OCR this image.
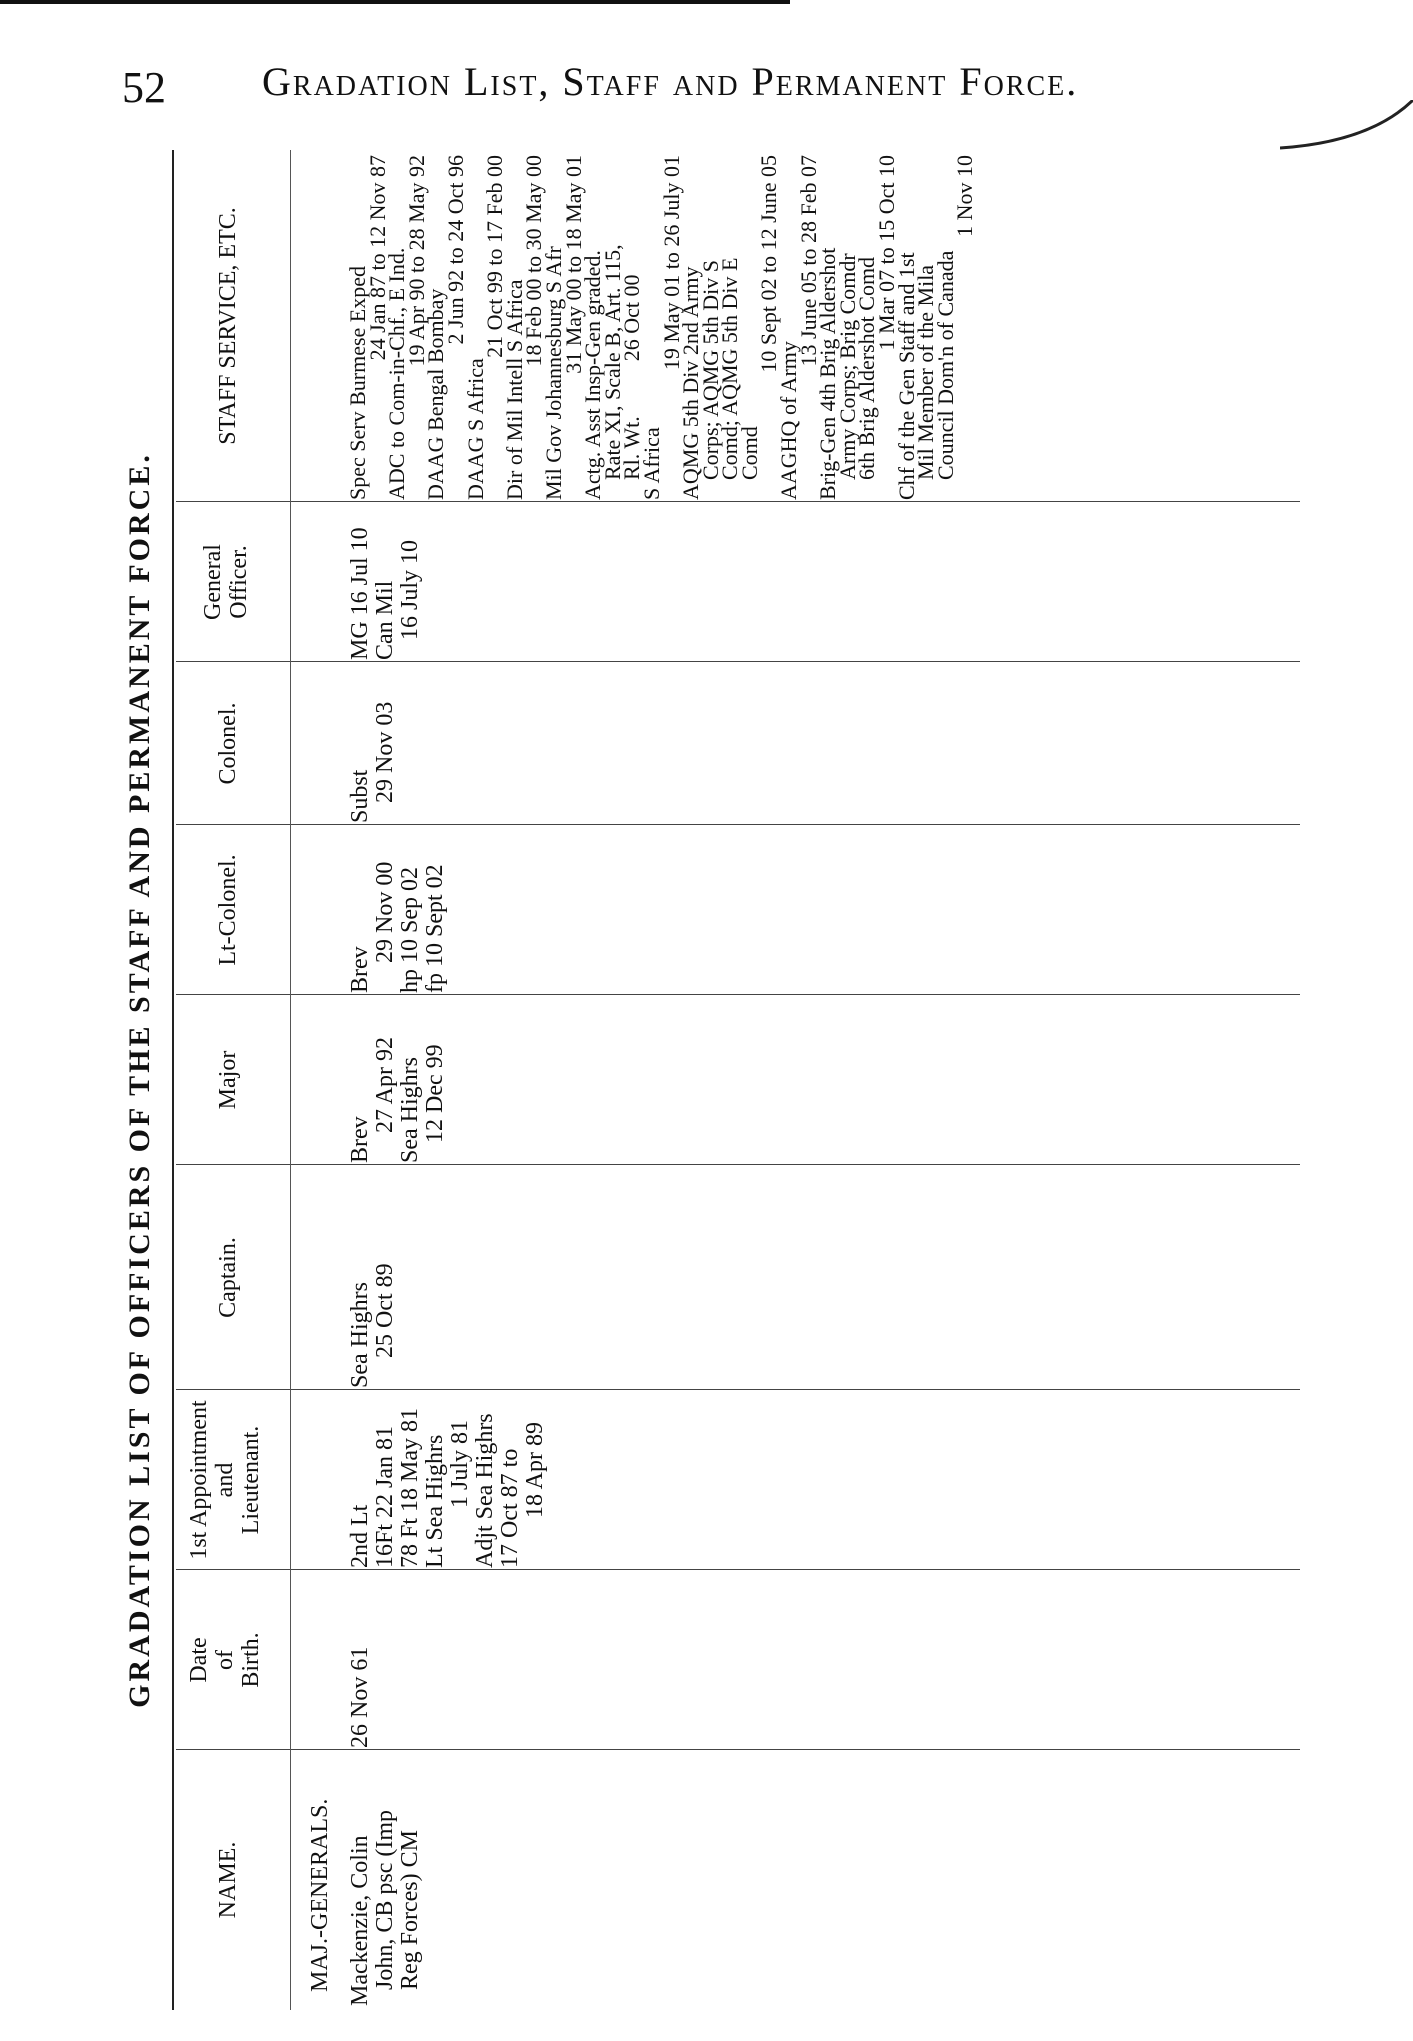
52 Gradation List, Staff and Permanent Force.
GRADATION LIST OF OFFICERS OF THE STAFF AND PERMANENT FORCE.
NAME.
Date of Birth.
1st Appointment and Lieutenant.
Captain.
Major
Lt-Colonel.
Colonel.
General Officer.
STAFF SERVICE, ETC.
MAJ.-GENERALS. Mackenzie, Colin John, CB psc (Imp Reg Forces) CM
26 Nov 61
2nd Lt 16Ft 22 Jan 81 78 Ft 18 May 81 Lt Sea Highrs 1 July 81 Adjt Sea Highrs 17 Oct 87 to 18 Apr 89
Sea Highrs 25 Oct 89
Brev
27 Apr 92 Sea Highrs 12 Dec 99
Brev
29 Nov 00 hp 10 Sep 02 fp 10 Sept 02
Subst 29 Nov 03
MG 16 Jul 10 Can Mil 16 July 10
Spec Serv Burmese Exped
24 Jan 87 to 12 Nov 87
ADC to Com-in-Chf., E Ind.
19 Apr 90 to 28 May 92
DAAG Bengal Bombay
2 Jun 92 to 24 Oct 96
DAAG S Africa
21 Oct 99 to 17 Feb 00
Dir of Mil Intell S Africa
18 Feb 00 to 30 May 00
Mil Gov Johannesburg S Afr
31 May 00 to 18 May 01
Actg. Asst Insp-Gen graded.
Rate XI, Scale B, Art. 115,
Rl. Wt.          26 Oct 00
S Africa
19 May 01 to 26 July 01
AQMG 5th Div 2nd Army
Corps; AQMG 5th Div S
Comd; AQMG 5th Div E
Comd
10 Sept 02 to 12 June 05
AAGHQ of Army
13 June 05 to 28 Feb 07
Brig-Gen 4th Brig Aldershot
Army Corps; Brig Comdr
6th Brig Aldershot Comd
1 Mar 07 to 15 Oct 10
Chf of the Gen Staff and 1st
Mil Member of the Mila
Council Dom'n of Canada
1 Nov 10
